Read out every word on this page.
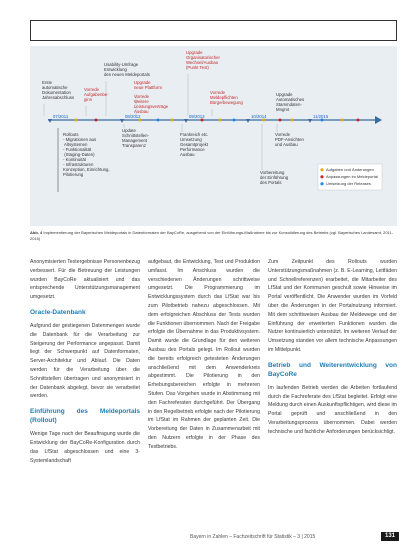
07/2011	08/2012	09/2013	10/2014	11/2015
Rollouts - Migrationen aus Altsystemen - Funktionalität (Staging-Daten) - Kontinuität - Infrastrukturen Konzeption, Einrichtung, Pilotierung
Usability-Umfrage Entwicklung des neuen Meldeportals
Erste automatische Dokumentation Jahresabschluss
Vorrede Aufgabenbe-ginn
Upgrade neue Plattform
Vorrede Weitere Leistungsverträge Ausbau
Upgrade Organisatorischer Wechsel/Ausbau (Punkt Test)
Vorrede Meldepflichten Bürgerbewegung
Upgrade Automatisches Stammdaten-Mngmt
Update Schnittstellen-Management Transparenz
Frankreich etc. Umsetzung Gesamtprojekt Performance Ausbau
Vorrede PDF-Ansichten und Ausbau
Vorbereitung der Einführung des Portals
Aufgaben und Änderungen
Anpassungen im Meldeportal
Umsetzung der Releases
Abb. 4 Implementierung der Bayerischen Meldeportals in Datenformaten der BayCoRe, ausgehend von der Einführungs-Maßnahme bis zur Konsolidierung des Betriebs (vgl. Bayerisches Landesamt, 2011-2015)

Anonymisierten Testergebnisse Personenbezug verbessert. Für die Betreuung der Leistungen wurden BayCoRe aktualisiert und das entsprechende Unterstützungsmanagement umgesetzt.

Oracle-Datenbank

Aufgrund der gestiegenen Datenmengen wurde die Datenbank für die Verarbeitung zur Steigerung der Performance angepasst. Damit liegt der Schwerpunkt auf Datenformaten, Server-Architektur und Ablauf. Die Daten werden für die Verarbeitung über die Schnittstellen übertragen und anonymisiert in der Datenbank abgelegt, bevor sie verarbeitet werden.

Einführung des Meldeportals (Rollout)

Wenige Tage nach der Beauftragung wurde die Entwicklung der BayCoRe-Konfiguration durch das LfStat abgeschlossen und eine 3-Systemlandschaft

aufgebaut, die Entwicklung, Test und Produktion umfasst. Im Anschluss wurden die verschiedenen Änderungen schrittweise umgesetzt. Die Programmierung im Entwicklungssystem durch das LfStat war bis zum Pilotbetrieb nahezu abgeschlossen. Mit dem erfolgreichen Abschluss der Tests wurden die Funktionen übernommen. Nach der Freigabe erfolgte die Übernahme in das Produktivsystem. Damit wurde die Grundlage für den weiteren Ausbau des Portals gelegt. Im Rollout wurden die bereits erfolgreich getesteten Änderungen anschließend mit dem Anwenderkreis abgestimmt. Die Pilotierung in den Erhebungsbereichen erfolgte in mehreren Stufen. Das Vorgehen wurde in Abstimmung mit den Fachreferaten durchgeführt. Der Übergang in den Regelbetrieb erfolgte nach der Pilotierung im LfStat im Rahmen der geplanten Zeit. Die Vorbereitung der Daten in Zusammenarbeit mit den Nutzern erfolgte in der Phase des Testbetriebs.

Zum Zeitpunkt des Rollouts wurden Unterstützungsmaßnahmen (z. B. E-Learning, Leitfäden und Schnellreferenzen) erarbeitet, die Mitarbeiter des LfStat und der Kommunen geschult sowie Hinweise im Portal veröffentlicht. Die Anwender wurden im Vorfeld über die Änderungen in der Portalnutzung informiert. Mit dem schrittweisen Ausbau der Meldewege und der Einführung der erweiterten Funktionen wurden die Nutzer kontinuierlich unterstützt. Im weiteren Verlauf der Umsetzung standen vor allem technische Anpassungen im Mittelpunkt.

Betrieb und Weiterentwicklung von BayCoRe

Im laufenden Betrieb werden die Arbeiten fortlaufend durch die Fachreferate des LfStat begleitet. Erfolgt eine Meldung durch einen Auskunftspflichtigen, wird diese im Portal geprüft und anschließend in den Verarbeitungsprozess übernommen. Dabei werden technische und fachliche Anforderungen berücksichtigt.

Bayern in Zahlen – Fachzeitschrift für Statistik – 3 | 2015	131
